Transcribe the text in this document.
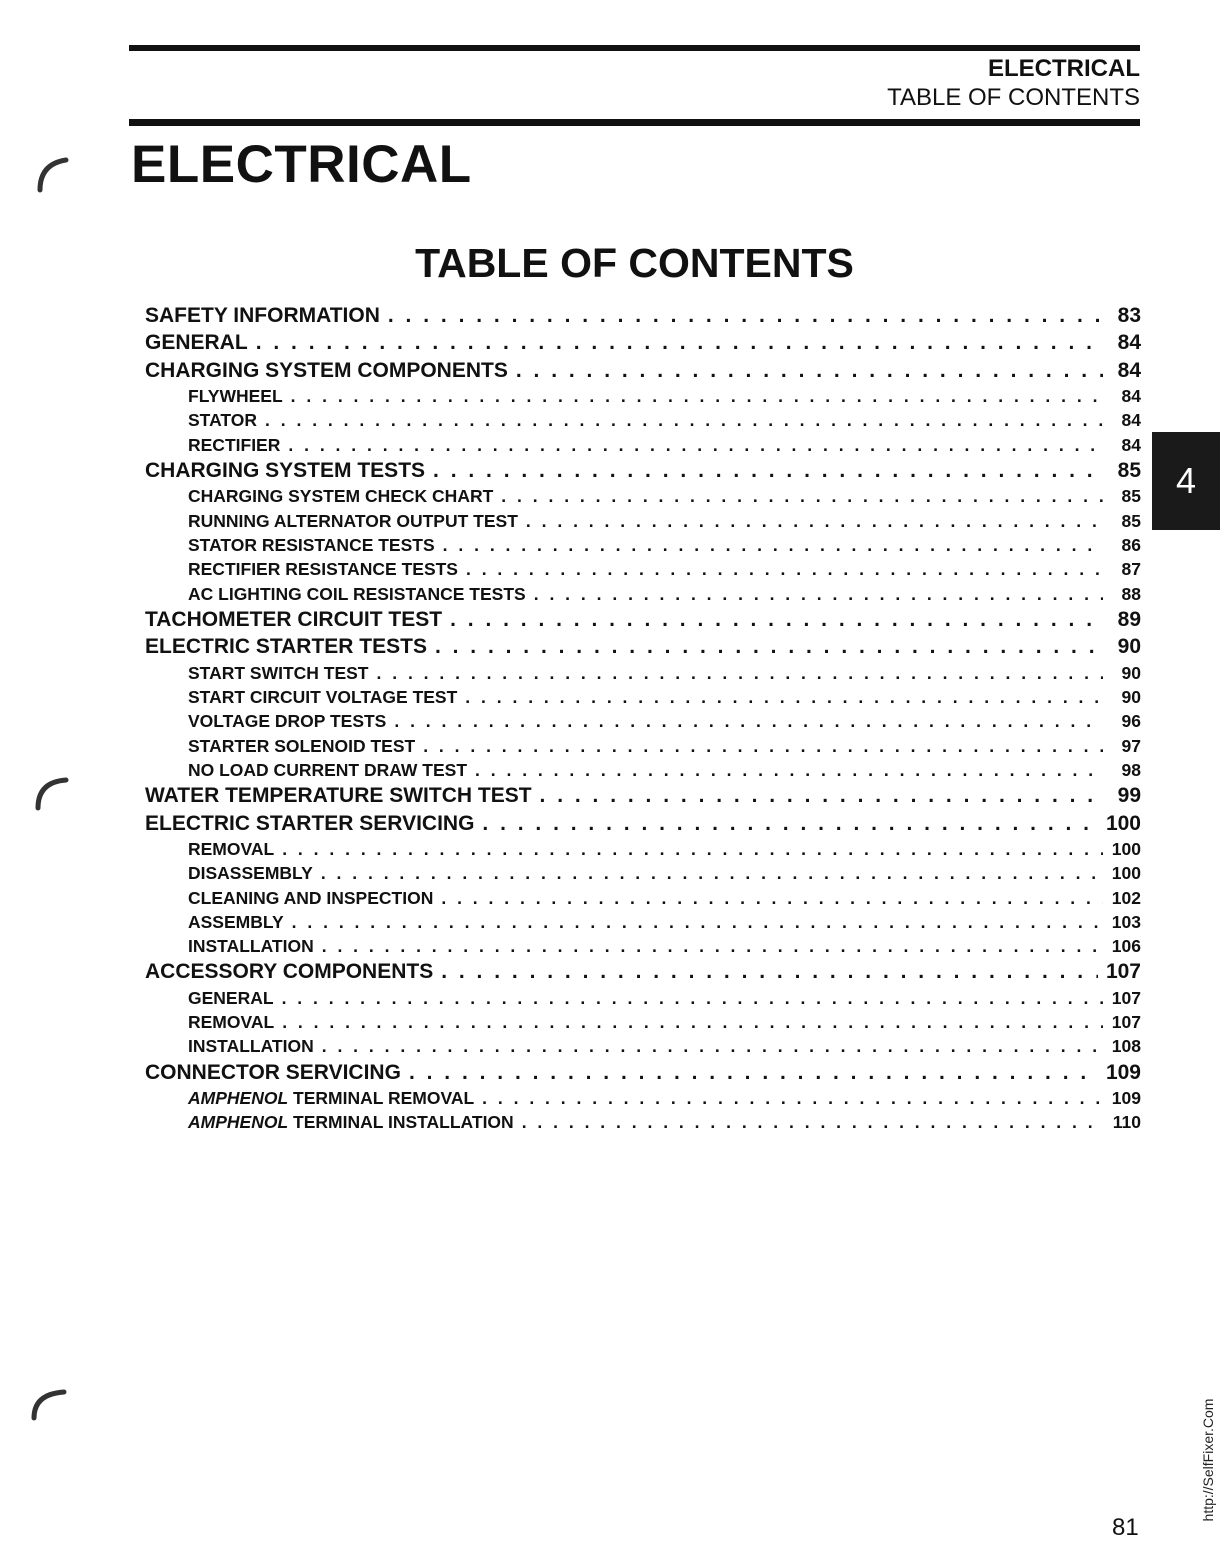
ELECTRICAL
TABLE OF CONTENTS
ELECTRICAL
TABLE OF CONTENTS
SAFETY INFORMATION . . .	83
GENERAL . . .	84
CHARGING SYSTEM COMPONENTS . . .	84
FLYWHEEL . . .	84
STATOR . . .	84
RECTIFIER . . .	84
CHARGING SYSTEM TESTS . . .	85
CHARGING SYSTEM CHECK CHART . . .	85
RUNNING ALTERNATOR OUTPUT TEST . . .	85
STATOR RESISTANCE TESTS . . .	86
RECTIFIER RESISTANCE TESTS . . .	87
AC LIGHTING COIL RESISTANCE TESTS . . .	88
TACHOMETER CIRCUIT TEST . . .	89
ELECTRIC STARTER TESTS . . .	90
START SWITCH TEST . . .	90
START CIRCUIT VOLTAGE TEST . . .	90
VOLTAGE DROP TESTS . . .	96
STARTER SOLENOID TEST . . .	97
NO LOAD CURRENT DRAW TEST . . .	98
WATER TEMPERATURE SWITCH TEST . . .	99
ELECTRIC STARTER SERVICING . . .	100
REMOVAL . . .	100
DISASSEMBLY . . .	100
CLEANING AND INSPECTION . . .	102
ASSEMBLY . . .	103
INSTALLATION . . .	106
ACCESSORY COMPONENTS . . .	107
GENERAL . . .	107
REMOVAL . . .	107
INSTALLATION . . .	108
CONNECTOR SERVICING . . .	109
AMPHENOL TERMINAL REMOVAL . . .	109
AMPHENOL TERMINAL INSTALLATION . . .	110
4
http://SelfFixer.Com
81
